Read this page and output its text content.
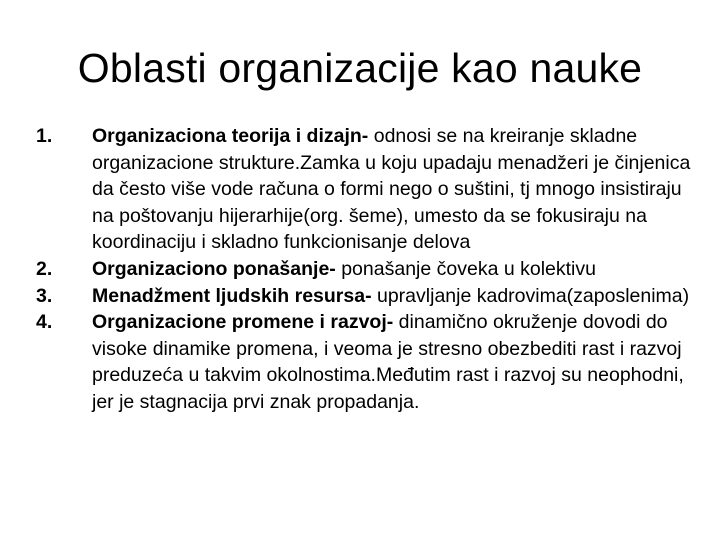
Oblasti organizacije kao nauke
1.	Organizaciona teorija i dizajn- odnosi se na kreiranje skladne organizacione strukture.Zamka u koju upadaju menadžeri je činjenica da često više vode računa o formi nego o suštini, tj mnogo insistiraju na poštovanju hijerarhije(org. šeme), umesto da se fokusiraju na koordinaciju i skladno funkcionisanje delova
2.	Organizaciono ponašanje- ponašanje čoveka u kolektivu
3.	Menadžment ljudskih resursa- upravljanje kadrovima(zaposlenima)
4.	Organizacione promene i razvoj- dinamično okruženje dovodi do visoke dinamike promena, i veoma je stresno obezbediti rast i razvoj preduzeća u takvim okolnostima.Međutim rast i razvoj su neophodni, jer je stagnacija prvi znak propadanja.
